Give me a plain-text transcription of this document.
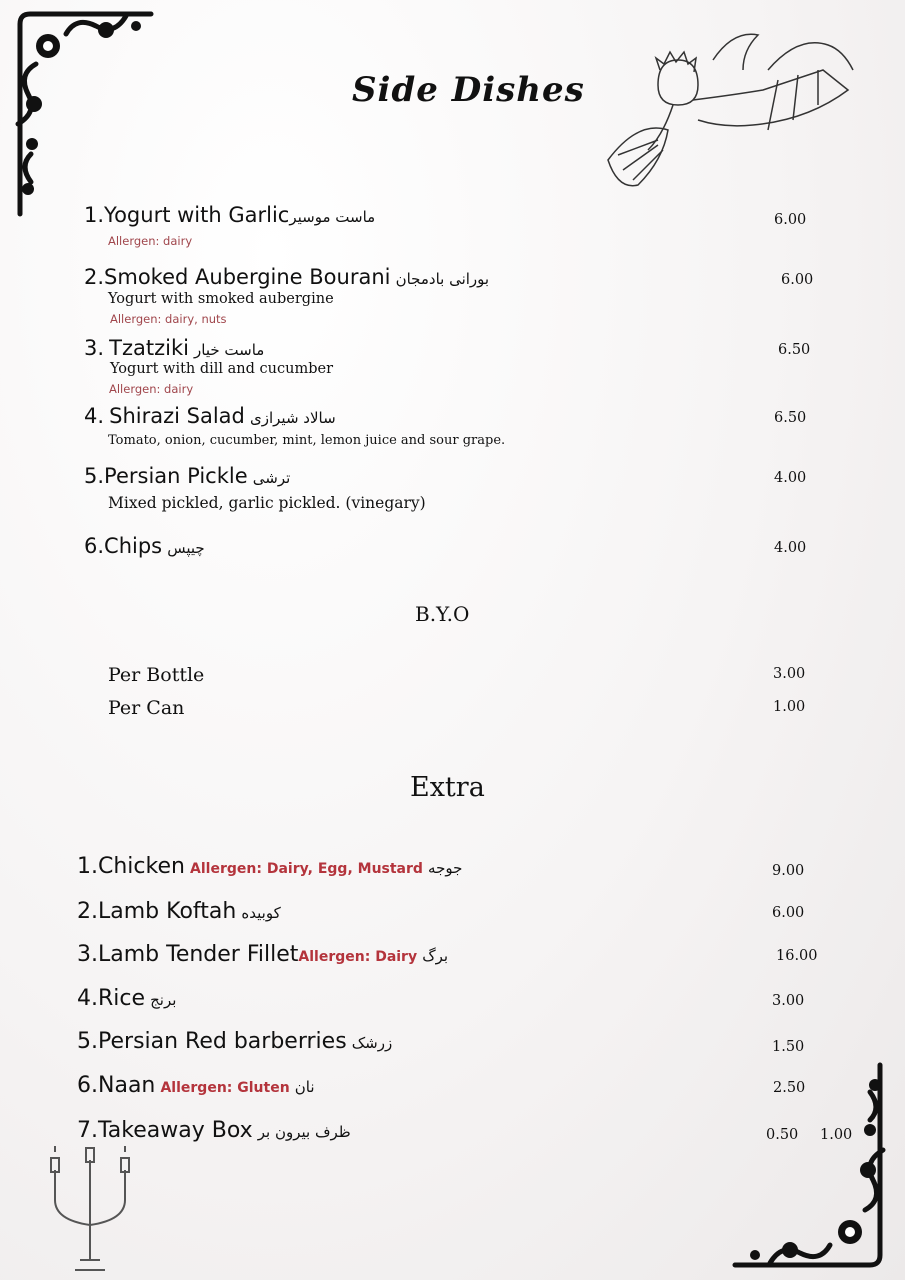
Side Dishes
1.Yogurt with Garlicماست موسیر
Allergen: dairy
6.00
2.Smoked Aubergine Bourani بورانی بادمجان
Yogurt with smoked aubergine
Allergen: dairy, nuts
6.00
3. Tzatziki ماست خیار
Yogurt with dill and cucumber
Allergen: dairy
6.50
4. Shirazi Salad سالاد شیرازی
Tomato, onion, cucumber, mint, lemon juice and sour grape.
6.50
5.Persian Pickle ترشی
Mixed pickled, garlic pickled. (vinegary)
4.00
6.Chips چیپس	4.00
B.Y.O
Per Bottle	3.00
Per Can	1.00
Extra
1.Chicken Allergen: Dairy, Egg, Mustard جوجه	9.00
2.Lamb Koftah کوبیده	6.00
3.Lamb Tender FilletAllergen: Dairy برگ	16.00
4.Rice برنج	3.00
5.Persian Red barberries زرشک	1.50
6.Naan Allergen: Gluten نان	2.50
7.Takeaway Box ظرف بیرون بر	0.50 1.00
